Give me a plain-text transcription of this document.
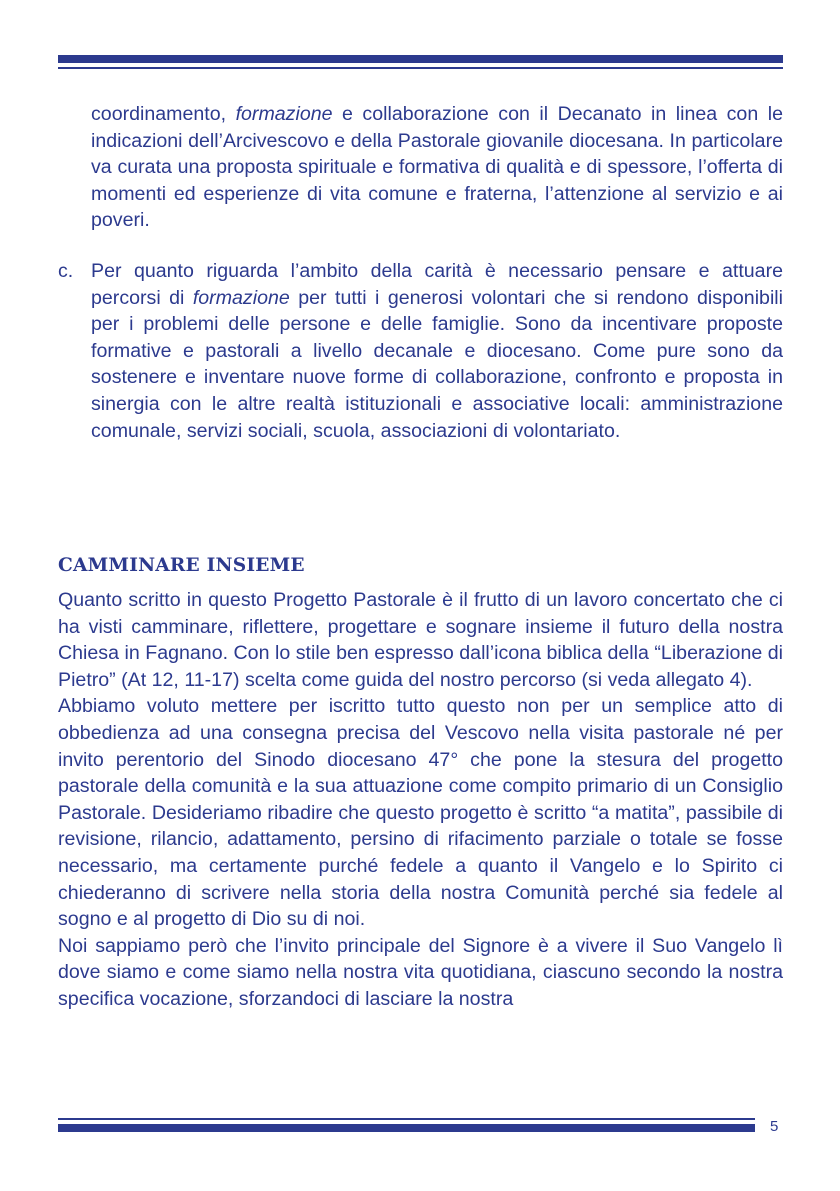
coordinamento, formazione e collaborazione con il Decanato in linea con le indicazioni dell’Arcivescovo e della Pastorale giovanile diocesana. In particolare va curata una proposta spirituale e formativa di qualità e di spessore, l’offerta di momenti ed esperienze di vita comune e fraterna, l’attenzione al servizio e ai poveri.

c. Per quanto riguarda l’ambito della carità è necessario pensare e attuare percorsi di formazione per tutti i generosi volontari che si rendono disponibili per i problemi delle persone e delle famiglie. Sono da incentivare proposte formative e pastorali a livello decanale e diocesano. Come pure sono da sostenere e inventare nuove forme di collaborazione, confronto e proposta in sinergia con le altre realtà istituzionali e associative locali: amministrazione comunale, servizi sociali, scuola, associazioni di volontariato.

CAMMINARE INSIEME

Quanto scritto in questo Progetto Pastorale è il frutto di un lavoro concertato che ci ha visti camminare, riflettere, progettare e sognare insieme il futuro della nostra Chiesa in Fagnano. Con lo stile ben espresso dall’icona biblica della “Liberazione di Pietro” (At 12, 11-17) scelta come guida del nostro percorso (si veda allegato 4).

Abbiamo voluto mettere per iscritto tutto questo non per un semplice atto di obbedienza ad una consegna precisa del Vescovo nella visita pastorale né per invito perentorio del Sinodo diocesano 47° che pone la stesura del progetto pastorale della comunità e la sua attuazione come compito primario di un Consiglio Pastorale. Desideriamo ribadire che questo progetto è scritto “a matita”, passibile di revisione, rilancio, adattamento, persino di rifacimento parziale o totale se fosse necessario, ma certamente purché fedele a quanto il Vangelo e lo Spirito ci chiederanno di scrivere nella storia della nostra Comunità perché sia fedele al sogno e al progetto di Dio su di noi.

Noi sappiamo però che l’invito principale del Signore è a vivere il Suo Vangelo lì dove siamo e come siamo nella nostra vita quotidiana, ciascuno secondo la nostra specifica vocazione, sforzandoci di lasciare la nostra

5
